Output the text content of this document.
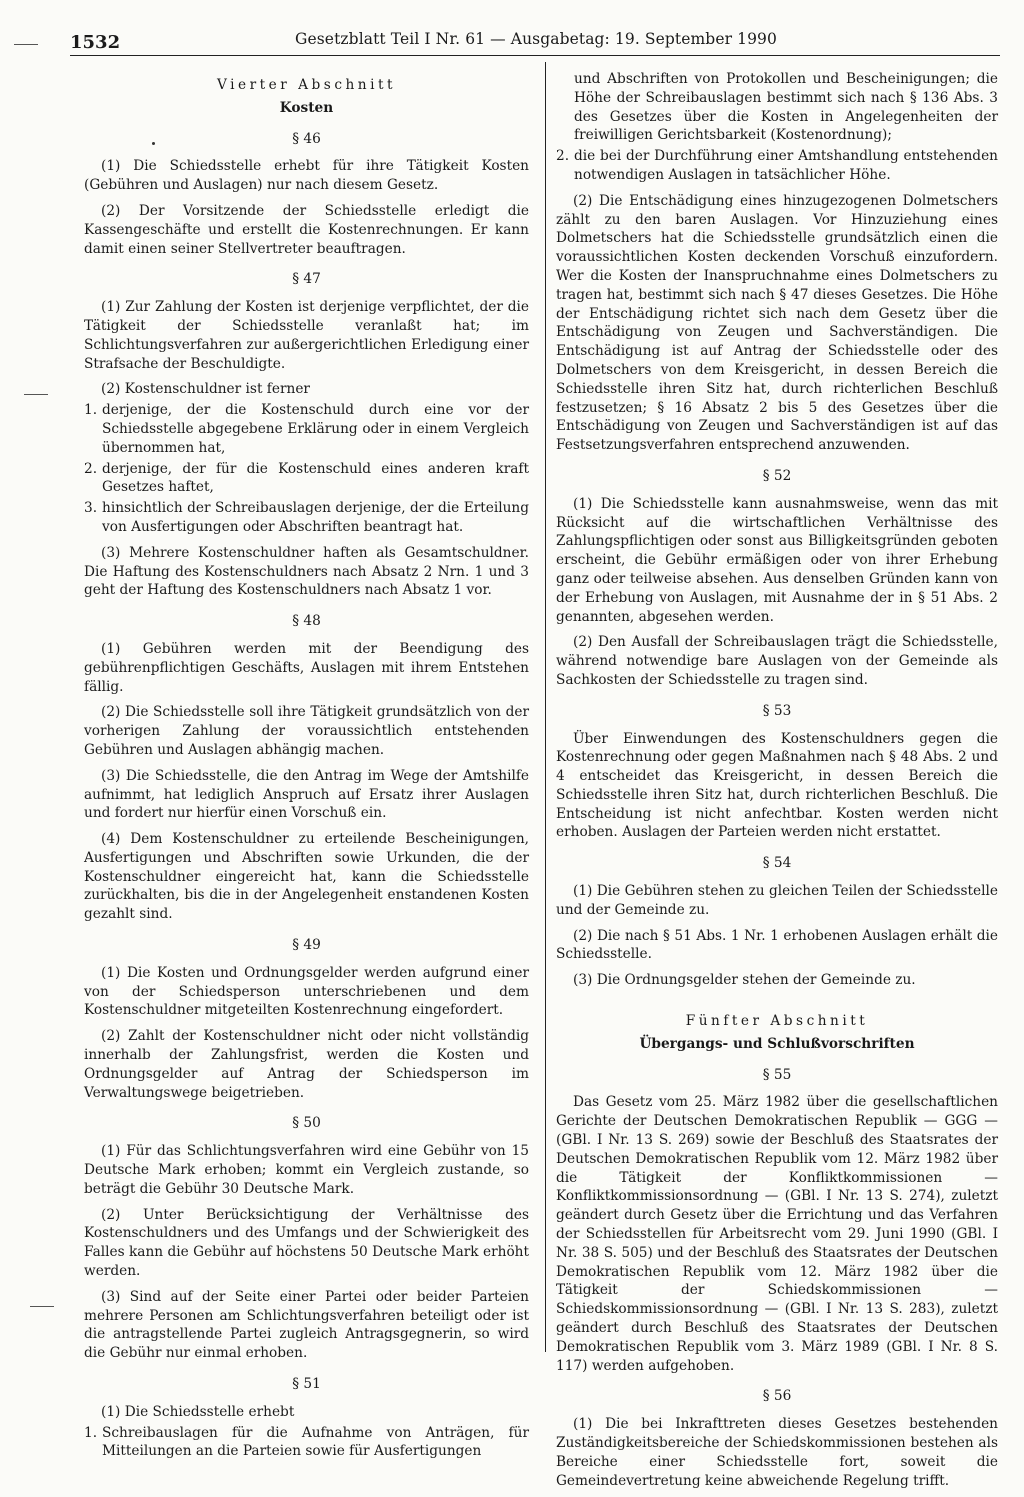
1532	Gesetzblatt Teil I Nr. 61 — Ausgabetag: 19. September 1990
Vierter Abschnitt
Kosten
§ 46

(1) Die Schiedsstelle erhebt für ihre Tätigkeit Kosten (Gebühren und Auslagen) nur nach diesem Gesetz.

(2) Der Vorsitzende der Schiedsstelle erledigt die Kassengeschäfte und erstellt die Kostenrechnungen. Er kann damit einen seiner Stellvertreter beauftragen.

§ 47

(1) Zur Zahlung der Kosten ist derjenige verpflichtet, der die Tätigkeit der Schiedsstelle veranlaßt hat; im Schlichtungsverfahren zur außergerichtlichen Erledigung einer Strafsache der Beschuldigte.

(2) Kostenschuldner ist ferner
1. derjenige, der die Kostenschuld durch eine vor der Schiedsstelle abgegebene Erklärung oder in einem Vergleich übernommen hat,
2. derjenige, der für die Kostenschuld eines anderen kraft Gesetzes haftet,
3. hinsichtlich der Schreibauslagen derjenige, der die Erteilung von Ausfertigungen oder Abschriften beantragt hat.

(3) Mehrere Kostenschuldner haften als Gesamtschuldner. Die Haftung des Kostenschuldners nach Absatz 2 Nrn. 1 und 3 geht der Haftung des Kostenschuldners nach Absatz 1 vor.

§ 48

(1) Gebühren werden mit der Beendigung des gebührenpflichtigen Geschäfts, Auslagen mit ihrem Entstehen fällig.

(2) Die Schiedsstelle soll ihre Tätigkeit grundsätzlich von der vorherigen Zahlung der voraussichtlich entstehenden Gebühren und Auslagen abhängig machen.

(3) Die Schiedsstelle, die den Antrag im Wege der Amtshilfe aufnimmt, hat lediglich Anspruch auf Ersatz ihrer Auslagen und fordert nur hierfür einen Vorschuß ein.

(4) Dem Kostenschuldner zu erteilende Bescheinigungen, Ausfertigungen und Abschriften sowie Urkunden, die der Kostenschuldner eingereicht hat, kann die Schiedsstelle zurückhalten, bis die in der Angelegenheit enstandenen Kosten gezahlt sind.

§ 49

(1) Die Kosten und Ordnungsgelder werden aufgrund einer von der Schiedsperson unterschriebenen und dem Kostenschuldner mitgeteilten Kostenrechnung eingefordert.

(2) Zahlt der Kostenschuldner nicht oder nicht vollständig innerhalb der Zahlungsfrist, werden die Kosten und Ordnungsgelder auf Antrag der Schiedsperson im Verwaltungswege beigetrieben.

§ 50

(1) Für das Schlichtungsverfahren wird eine Gebühr von 15 Deutsche Mark erhoben; kommt ein Vergleich zustande, so beträgt die Gebühr 30 Deutsche Mark.

(2) Unter Berücksichtigung der Verhältnisse des Kostenschuldners und des Umfangs und der Schwierigkeit des Falles kann die Gebühr auf höchstens 50 Deutsche Mark erhöht werden.

(3) Sind auf der Seite einer Partei oder beider Parteien mehrere Personen am Schlichtungsverfahren beteiligt oder ist die antragstellende Partei zugleich Antragsgegnerin, so wird die Gebühr nur einmal erhoben.

§ 51
(1) Die Schiedsstelle erhebt
1. Schreibauslagen für die Aufnahme von Anträgen, für Mitteilungen an die Parteien sowie für Ausfertigungen
und Abschriften von Protokollen und Bescheinigungen; die Höhe der Schreibauslagen bestimmt sich nach § 136 Abs. 3 des Gesetzes über die Kosten in Angelegenheiten der freiwilligen Gerichtsbarkeit (Kostenordnung);
2. die bei der Durchführung einer Amtshandlung entstehenden notwendigen Auslagen in tatsächlicher Höhe.

(2) Die Entschädigung eines hinzugezogenen Dolmetschers zählt zu den baren Auslagen. Vor Hinzuziehung eines Dolmetschers hat die Schiedsstelle grundsätzlich einen die voraussichtlichen Kosten deckenden Vorschuß einzufordern. Wer die Kosten der Inanspruchnahme eines Dolmetschers zu tragen hat, bestimmt sich nach § 47 dieses Gesetzes. Die Höhe der Entschädigung richtet sich nach dem Gesetz über die Entschädigung von Zeugen und Sachverständigen. Die Entschädigung ist auf Antrag der Schiedsstelle oder des Dolmetschers von dem Kreisgericht, in dessen Bereich die Schiedsstelle ihren Sitz hat, durch richterlichen Beschluß festzusetzen; § 16 Absatz 2 bis 5 des Gesetzes über die Entschädigung von Zeugen und Sachverständigen ist auf das Festsetzungsverfahren entsprechend anzuwenden.

§ 52

(1) Die Schiedsstelle kann ausnahmsweise, wenn das mit Rücksicht auf die wirtschaftlichen Verhältnisse des Zahlungspflichtigen oder sonst aus Billigkeitsgründen geboten erscheint, die Gebühr ermäßigen oder von ihrer Erhebung ganz oder teilweise absehen. Aus denselben Gründen kann von der Erhebung von Auslagen, mit Ausnahme der in § 51 Abs. 2 genannten, abgesehen werden.

(2) Den Ausfall der Schreibauslagen trägt die Schiedsstelle, während notwendige bare Auslagen von der Gemeinde als Sachkosten der Schiedsstelle zu tragen sind.

§ 53

Über Einwendungen des Kostenschuldners gegen die Kostenrechnung oder gegen Maßnahmen nach § 48 Abs. 2 und 4 entscheidet das Kreisgericht, in dessen Bereich die Schiedsstelle ihren Sitz hat, durch richterlichen Beschluß. Die Entscheidung ist nicht anfechtbar. Kosten werden nicht erhoben. Auslagen der Parteien werden nicht erstattet.

§ 54

(1) Die Gebühren stehen zu gleichen Teilen der Schiedsstelle und der Gemeinde zu.

(2) Die nach § 51 Abs. 1 Nr. 1 erhobenen Auslagen erhält die Schiedsstelle.

(3) Die Ordnungsgelder stehen der Gemeinde zu.

Fünfter Abschnitt
Übergangs- und Schlußvorschriften
§ 55

Das Gesetz vom 25. März 1982 über die gesellschaftlichen Gerichte der Deutschen Demokratischen Republik — GGG — (GBl. I Nr. 13 S. 269) sowie der Beschluß des Staatsrates der Deutschen Demokratischen Republik vom 12. März 1982 über die Tätigkeit der Konfliktkommissionen — Konfliktkommissionsordnung — (GBl. I Nr. 13 S. 274), zuletzt geändert durch Gesetz über die Errichtung und das Verfahren der Schiedsstellen für Arbeitsrecht vom 29. Juni 1990 (GBl. I Nr. 38 S. 505) und der Beschluß des Staatsrates der Deutschen Demokratischen Republik vom 12. März 1982 über die Tätigkeit der Schiedskommissionen — Schiedskommissionsordnung — (GBl. I Nr. 13 S. 283), zuletzt geändert durch Beschluß des Staatsrates der Deutschen Demokratischen Republik vom 3. März 1989 (GBl. I Nr. 8 S. 117) werden aufgehoben.

§ 56

(1) Die bei Inkrafttreten dieses Gesetzes bestehenden Zuständigkeitsbereiche der Schiedskommissionen bestehen als Bereiche einer Schiedsstelle fort, soweit die Gemeindevertretung keine abweichende Regelung trifft.
